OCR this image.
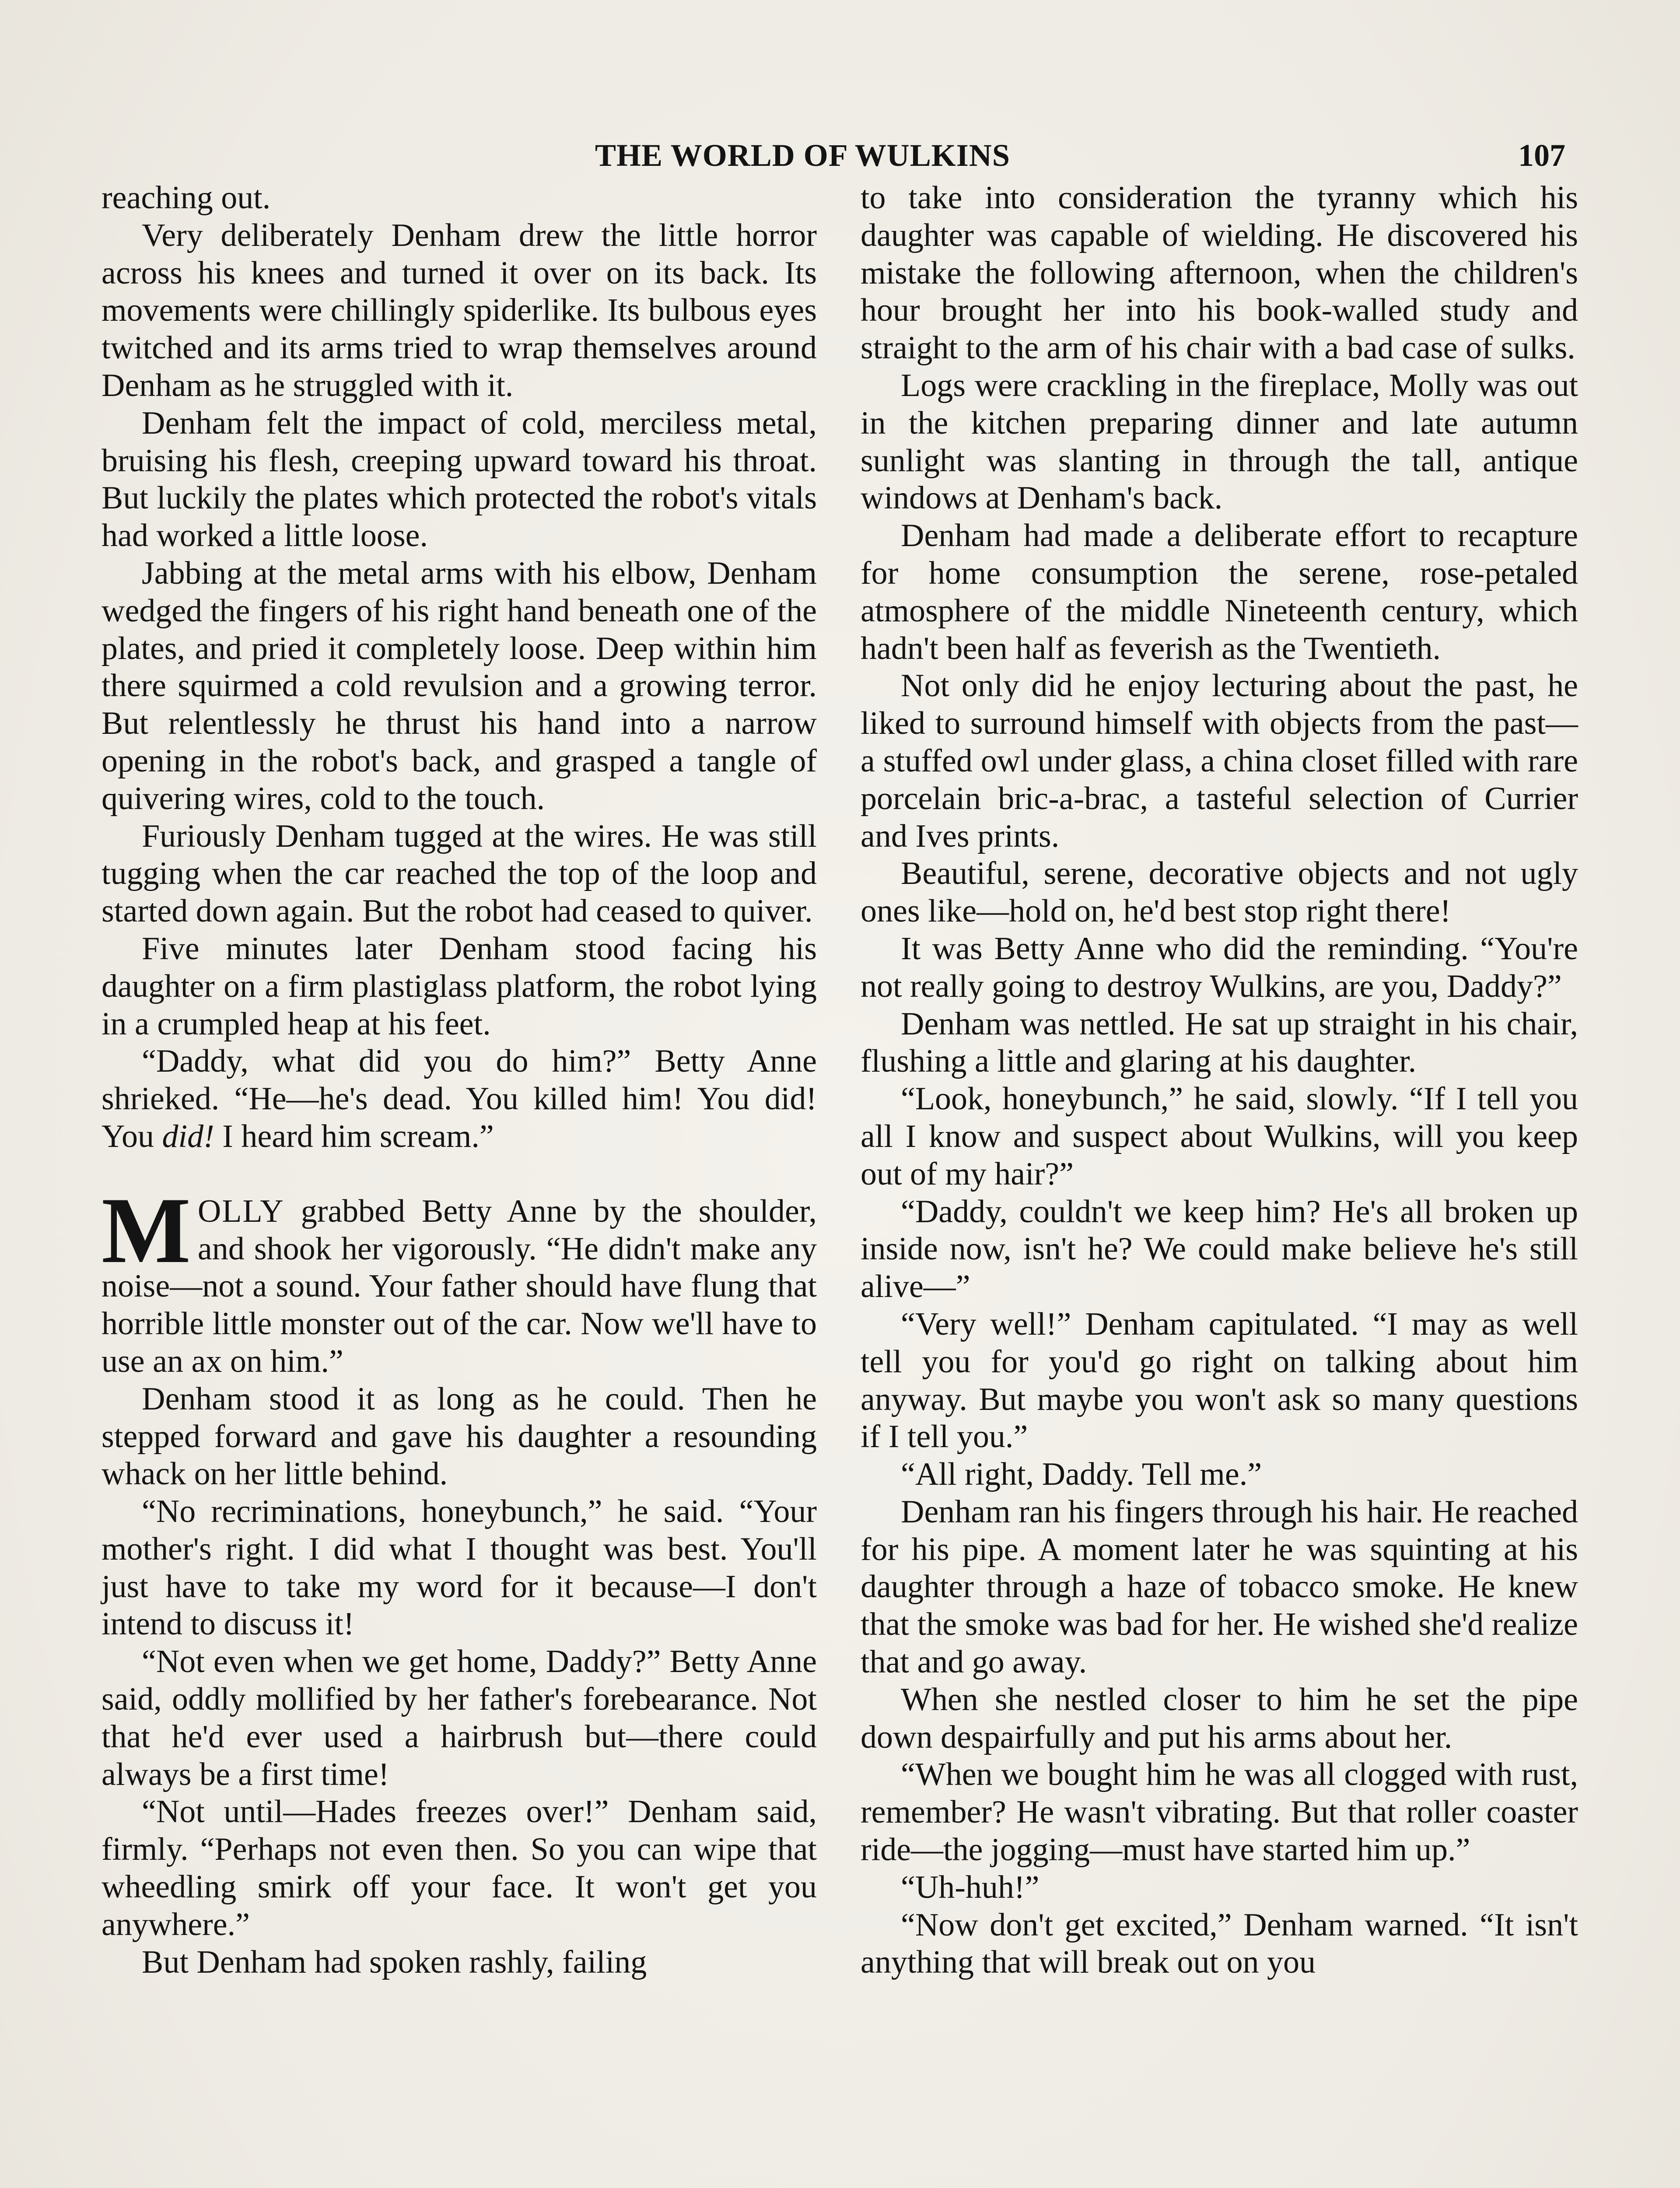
THE WORLD OF WULKINS	107

reaching out.

Very deliberately Denham drew the little horror across his knees and turned it over on its back. Its movements were chillingly spiderlike. Its bulbous eyes twitched and its arms tried to wrap themselves around Denham as he struggled with it.

Denham felt the impact of cold, merciless metal, bruising his flesh, creeping upward toward his throat. But luckily the plates which protected the robot's vitals had worked a little loose.

Jabbing at the metal arms with his elbow, Denham wedged the fingers of his right hand beneath one of the plates, and pried it completely loose. Deep within him there squirmed a cold revulsion and a growing terror. But relentlessly he thrust his hand into a narrow opening in the robot's back, and grasped a tangle of quivering wires, cold to the touch.

Furiously Denham tugged at the wires. He was still tugging when the car reached the top of the loop and started down again. But the robot had ceased to quiver.

Five minutes later Denham stood facing his daughter on a firm plastiglass platform, the robot lying in a crumpled heap at his feet.

“Daddy, what did you do him?” Betty Anne shrieked. “He—he's dead. You killed him! You did! You did! I heard him scream.”

MOLLY grabbed Betty Anne by the shoulder, and shook her vigorously. “He didn't make any noise—not a sound. Your father should have flung that horrible little monster out of the car. Now we'll have to use an ax on him.”

Denham stood it as long as he could. Then he stepped forward and gave his daughter a resounding whack on her little behind.

“No recriminations, honeybunch,” he said. “Your mother's right. I did what I thought was best. You'll just have to take my word for it because—I don't intend to discuss it!

“Not even when we get home, Daddy?” Betty Anne said, oddly mollified by her father's forebearance. Not that he'd ever used a hairbrush but—there could always be a first time!

“Not until—Hades freezes over!” Denham said, firmly. “Perhaps not even then. So you can wipe that wheedling smirk off your face. It won't get you anywhere.”

But Denham had spoken rashly, failing

to take into consideration the tyranny which his daughter was capable of wielding. He discovered his mistake the following afternoon, when the children's hour brought her into his book-walled study and straight to the arm of his chair with a bad case of sulks.

Logs were crackling in the fireplace, Molly was out in the kitchen preparing dinner and late autumn sunlight was slanting in through the tall, antique windows at Denham's back.

Denham had made a deliberate effort to recapture for home consumption the serene, rose-petaled atmosphere of the middle Nineteenth century, which hadn't been half as feverish as the Twentieth.

Not only did he enjoy lecturing about the past, he liked to surround himself with objects from the past—a stuffed owl under glass, a china closet filled with rare porcelain bric-a-brac, a tasteful selection of Currier and Ives prints.

Beautiful, serene, decorative objects and not ugly ones like—hold on, he'd best stop right there!

It was Betty Anne who did the reminding. “You're not really going to destroy Wulkins, are you, Daddy?”

Denham was nettled. He sat up straight in his chair, flushing a little and glaring at his daughter.

“Look, honeybunch,” he said, slowly. “If I tell you all I know and suspect about Wulkins, will you keep out of my hair?”

“Daddy, couldn't we keep him? He's all broken up inside now, isn't he? We could make believe he's still alive—”

“Very well!” Denham capitulated. “I may as well tell you for you'd go right on talking about him anyway. But maybe you won't ask so many questions if I tell you.”

“All right, Daddy. Tell me.”

Denham ran his fingers through his hair. He reached for his pipe. A moment later he was squinting at his daughter through a haze of tobacco smoke. He knew that the smoke was bad for her. He wished she'd realize that and go away.

When she nestled closer to him he set the pipe down despairfully and put his arms about her.

“When we bought him he was all clogged with rust, remember? He wasn't vibrating. But that roller coaster ride—the jogging—must have started him up.”

“Uh-huh!”

“Now don't get excited,” Denham warned. “It isn't anything that will break out on you
